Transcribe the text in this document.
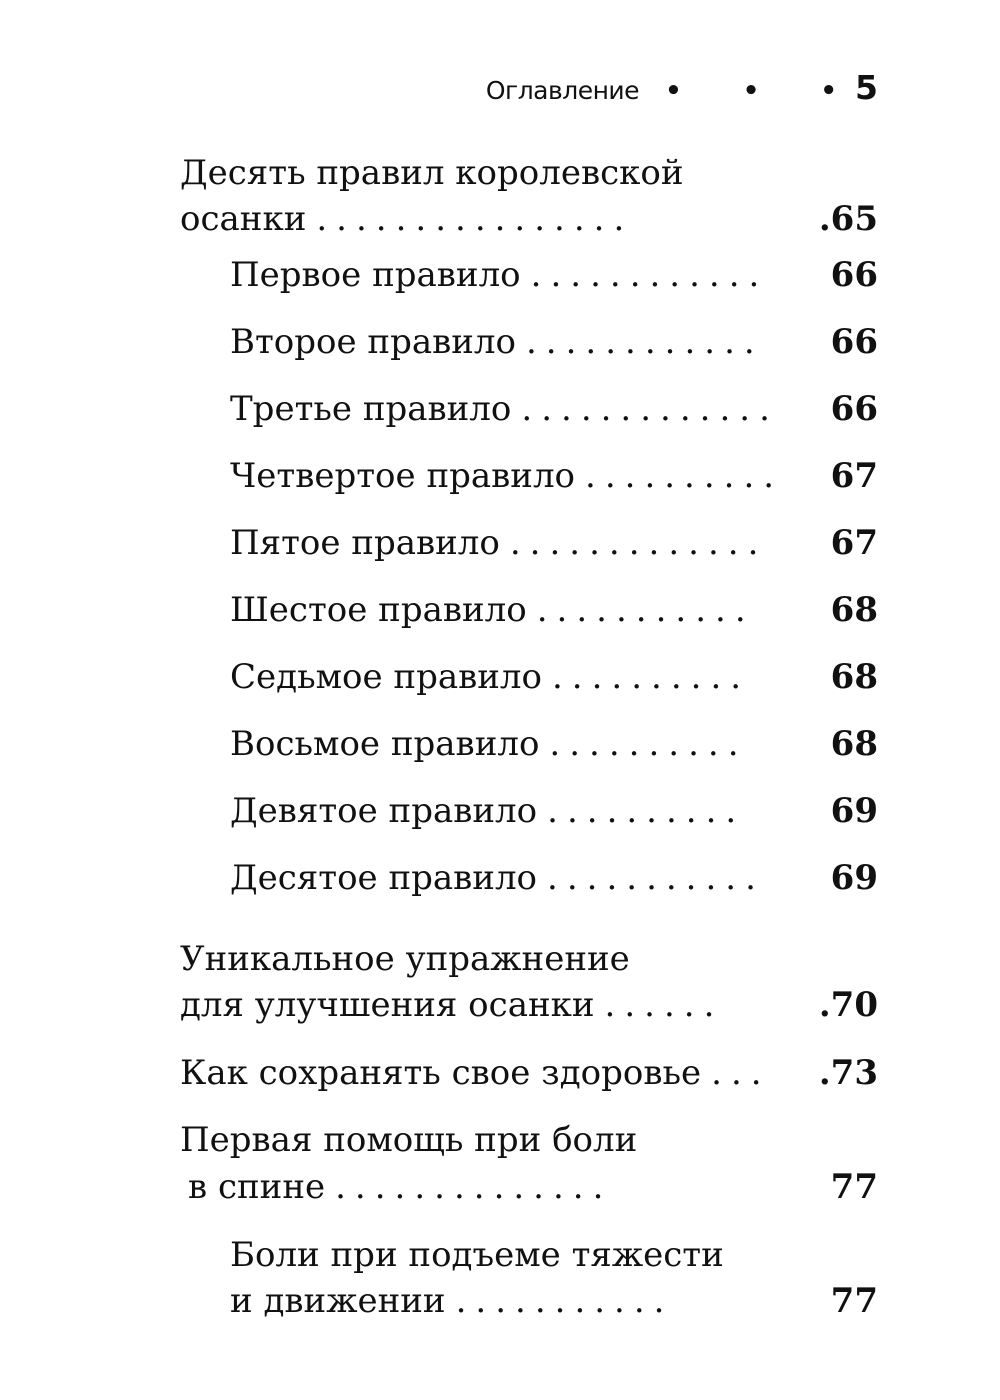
Оглавление • • •
5
Десять правил королевской
осанки ................	.65
Первое правило ............	66
Второе правило ............	66
Третье правило .............	66
Четвертое правило ..........	67
Пятое правило .............	67
Шестое правило ...........	68
Седьмое правило ..........	68
Восьмое правило ..........	68
Девятое правило ..........	69
Десятое правило ...........	69
Уникальное упражнение
для улучшения осанки ......	.70
Как сохранять свое здоровье ...	.73
Первая помощь при боли
в спине ..............	77
Боли при подъеме тяжести
и движении ...........	77
